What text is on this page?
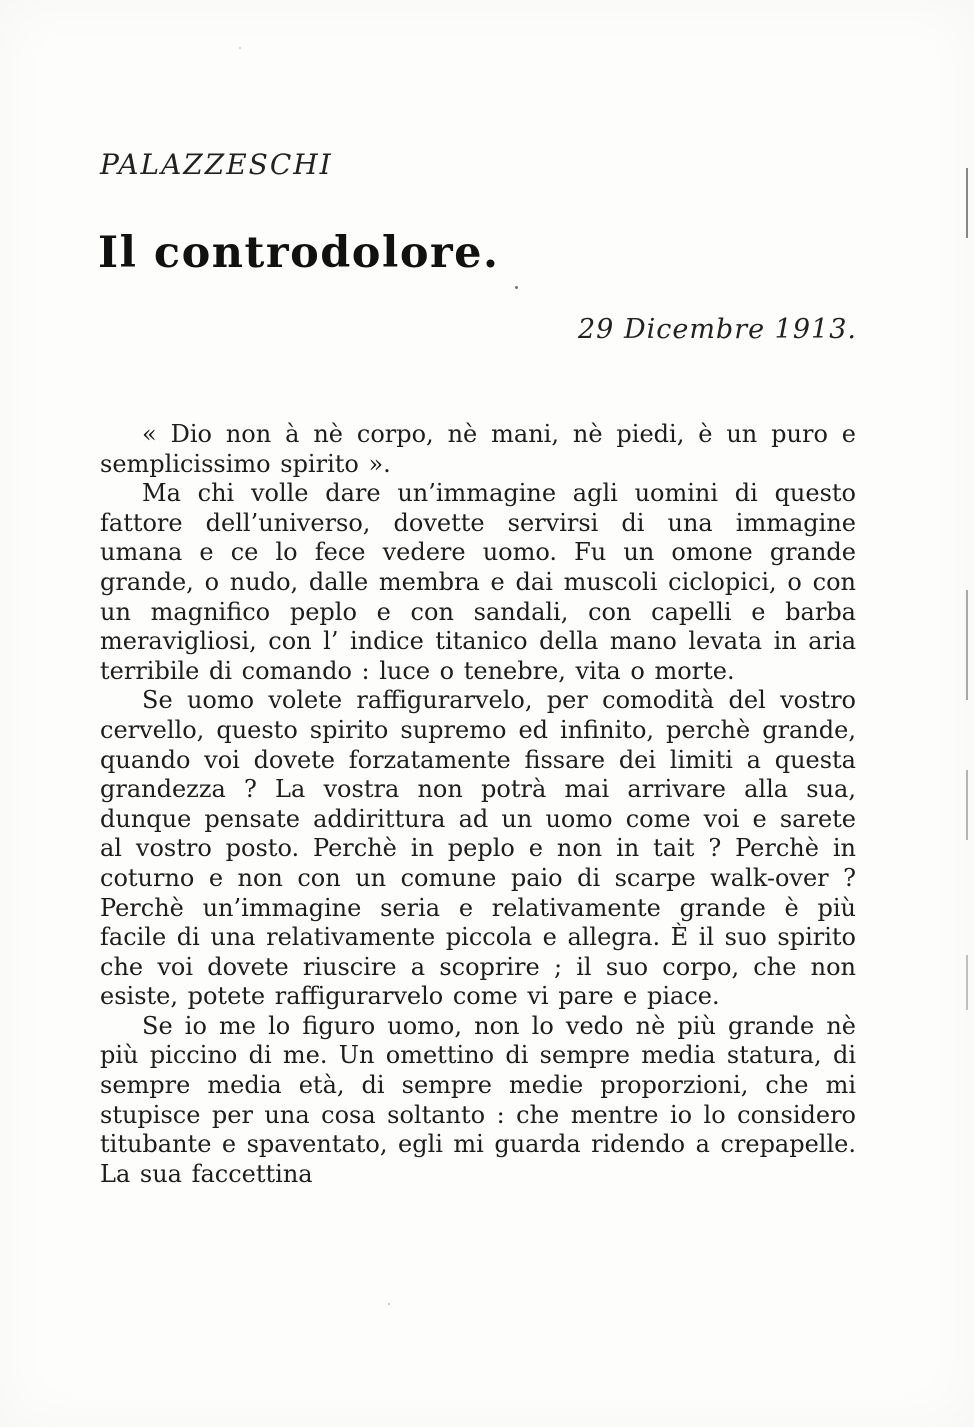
PALAZZESCHI
Il controdolore.
29 Dicembre 1913.

« Dio non à nè corpo, nè mani, nè piedi, è un puro e semplicissimo spirito ».

Ma chi volle dare un’immagine agli uomini di questo fattore dell’universo, dovette servirsi di una immagine umana e ce lo fece vedere uomo. Fu un omone grande grande, o nudo, dalle membra e dai muscoli ciclopici, o con un magnifico peplo e con sandali, con capelli e barba meravigliosi, con l’ indice titanico della mano levata in aria terribile di comando : luce o tenebre, vita o morte.

Se uomo volete raffigurarvelo, per comodità del vostro cervello, questo spirito supremo ed infinito, perchè grande, quando voi dovete forzatamente fissare dei limiti a questa grandezza ? La vostra non potrà mai arrivare alla sua, dunque pensate addirittura ad un uomo come voi e sarete al vostro posto. Perchè in peplo e non in tait ? Perchè in coturno e non con un comune paio di scarpe walk-over ? Perchè un’immagine seria e relativamente grande è più facile di una relativamente piccola e allegra. È il suo spirito che voi dovete riuscire a scoprire ; il suo corpo, che non esiste, potete raffigurarvelo come vi pare e piace.

Se io me lo figuro uomo, non lo vedo nè più grande nè più piccino di me. Un omettino di sempre media statura, di sempre media età, di sempre medie proporzioni, che mi stupisce per una cosa soltanto : che mentre io lo considero titubante e spaventato, egli mi guarda ridendo a crepapelle. La sua faccettina
